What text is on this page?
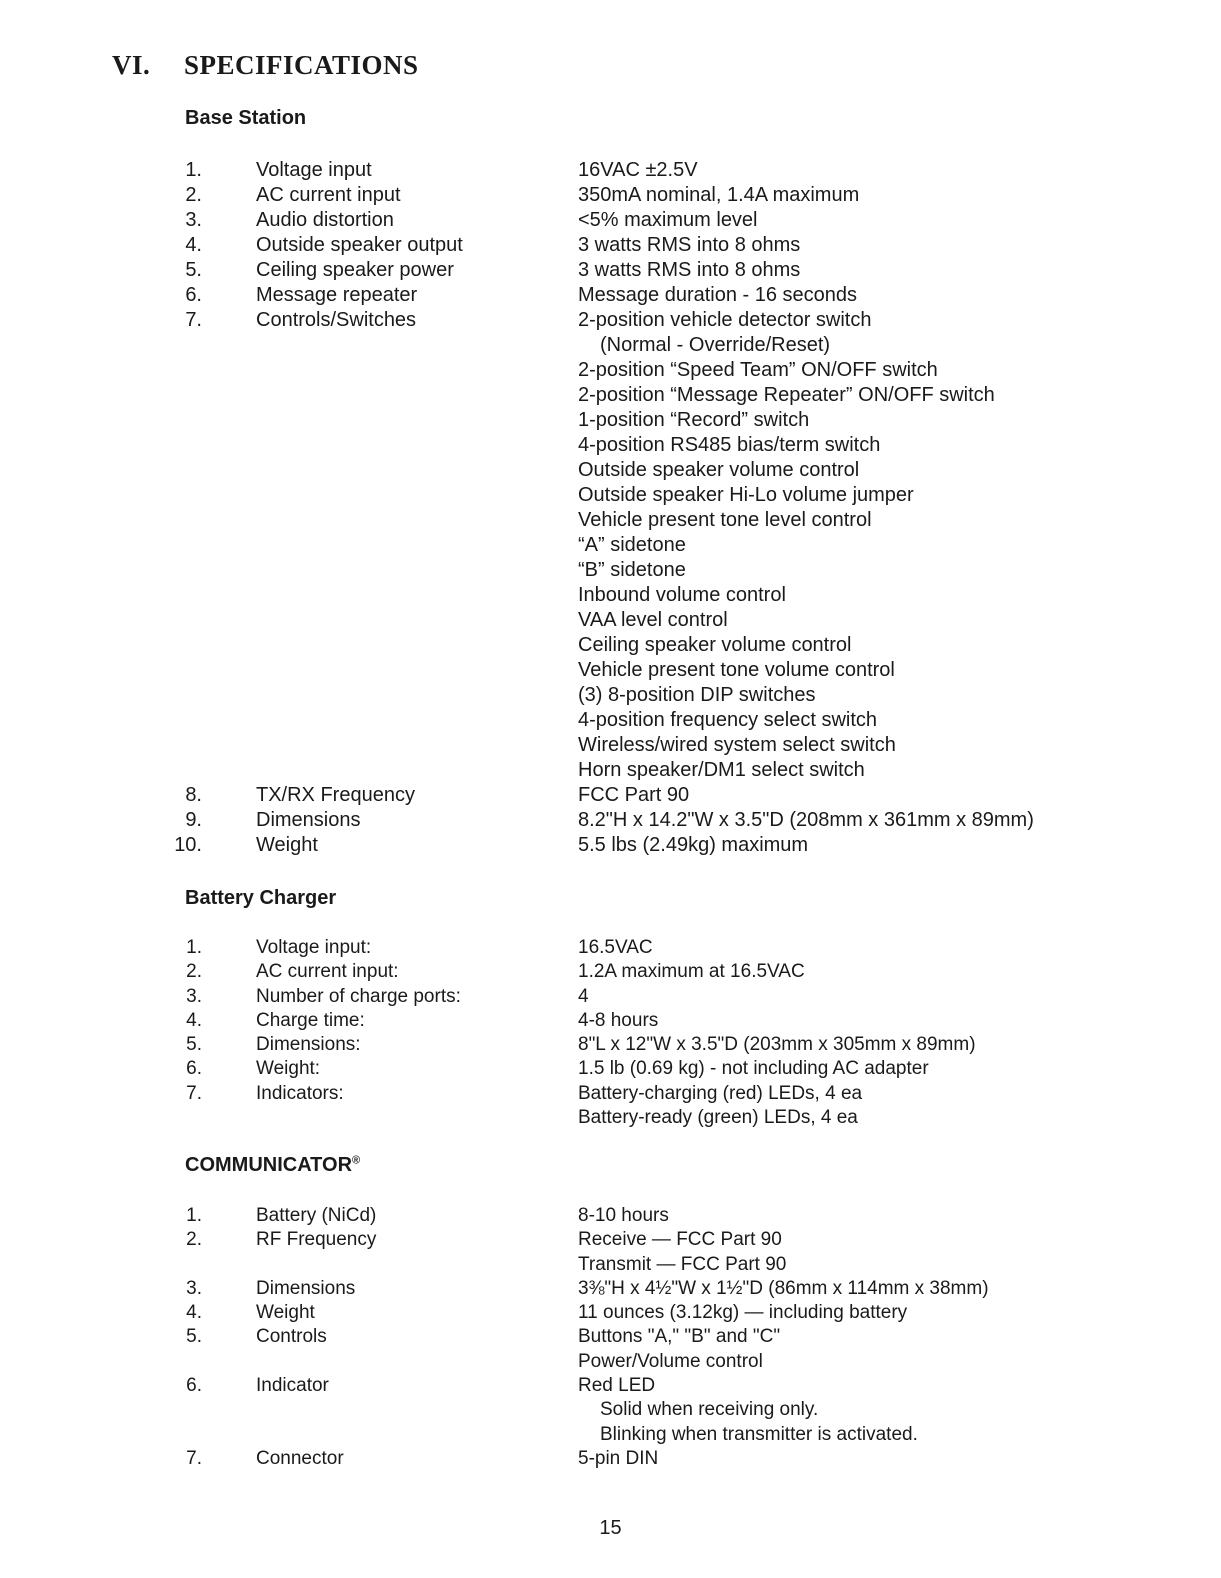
VI. SPECIFICATIONS
Base Station
1.	Voltage input	16VAC ±2.5V
2.	AC current input	350mA nominal, 1.4A maximum
3.	Audio distortion	<5% maximum level
4.	Outside speaker output	3 watts RMS into 8 ohms
5.	Ceiling speaker power	3 watts RMS into 8 ohms
6.	Message repeater	Message duration - 16 seconds
7.	Controls/Switches	2-position vehicle detector switch
(Normal - Override/Reset)
2-position “Speed Team” ON/OFF switch
2-position “Message Repeater” ON/OFF switch
1-position “Record” switch
4-position RS485 bias/term switch
Outside speaker volume control
Outside speaker Hi-Lo volume jumper
Vehicle present tone level control
“A” sidetone
“B” sidetone
Inbound volume control
VAA level control
Ceiling speaker volume control
Vehicle present tone volume control
(3) 8-position DIP switches
4-position frequency select switch
Wireless/wired system select switch
Horn speaker/DM1 select switch
8.	TX/RX Frequency	FCC Part 90
9.	Dimensions	8.2"H x 14.2"W x 3.5"D (208mm x 361mm x 89mm)
10.	Weight	5.5 lbs (2.49kg) maximum
Battery Charger
1.	Voltage input:	16.5VAC
2.	AC current input:	1.2A maximum at 16.5VAC
3.	Number of charge ports:	4
4.	Charge time:	4-8 hours
5.	Dimensions:	8"L x 12"W x 3.5"D (203mm x 305mm x 89mm)
6.	Weight:	1.5 lb (0.69 kg) - not including AC adapter
7.	Indicators:	Battery-charging (red) LEDs, 4 ea
Battery-ready (green) LEDs, 4 ea
COMMUNICATOR®
1.	Battery (NiCd)	8-10 hours
2.	RF Frequency	Receive — FCC Part 90
Transmit — FCC Part 90
3.	Dimensions	3⅜"H x 4½"W x 1½"D (86mm x 114mm x 38mm)
4.	Weight	11 ounces (3.12kg) — including battery
5.	Controls	Buttons "A," "B" and "C"
Power/Volume control
6.	Indicator	Red LED
Solid when receiving only.
Blinking when transmitter is activated.
7.	Connector	5-pin DIN
15
